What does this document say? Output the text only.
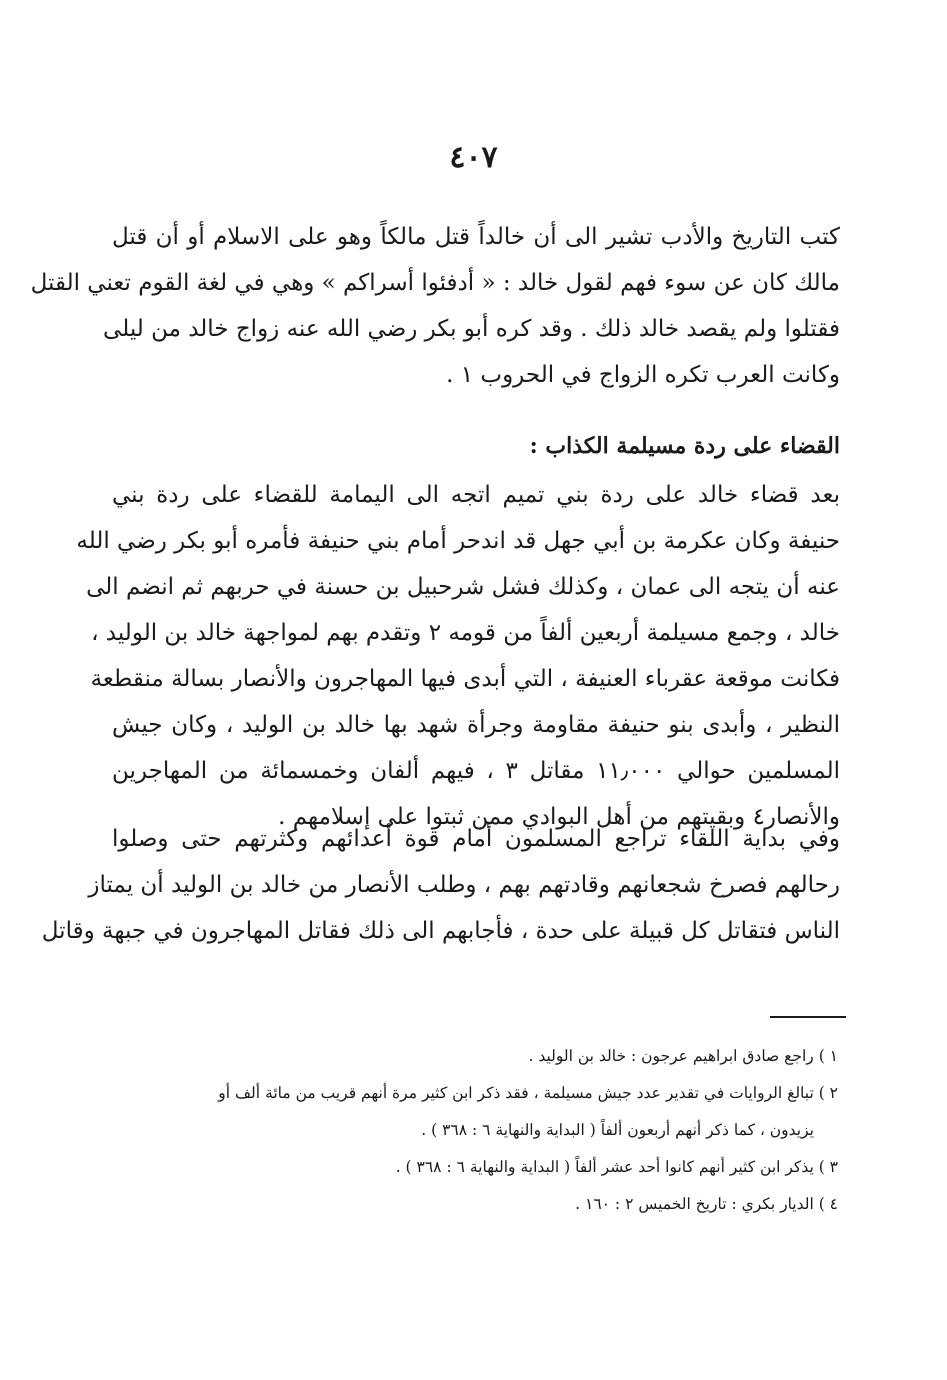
٤٠٧
كتب التاريخ والأدب تشير الى أن خالداً قتل مالكاً وهو على الاسلام أو أن قتل
مالك كان عن سوء فهم لقول خالد : « أدفئوا أسراكم » وهي في لغة القوم تعني القتل
فقتلوا ولم يقصد خالد ذلك . وقد كره أبو بكر رضي الله عنه زواج خالد من ليلى
وكانت العرب تكره الزواج في الحروب ١ .
القضاء على ردة مسيلمة الكذاب :
بعد قضاء خالد على ردة بني تميم اتجه الى اليمامة للقضاء على ردة بني
حنيفة وكان عكرمة بن أبي جهل قد اندحر أمام بني حنيفة فأمره أبو بكر رضي الله
عنه أن يتجه الى عمان ، وكذلك فشل شرحبيل بن حسنة في حربهم ثم انضم الى
خالد ، وجمع مسيلمة أربعين ألفاً من قومه ٢ وتقدم بهم لمواجهة خالد بن الوليد ،
فكانت موقعة عقرباء العنيفة ، التي أبدى فيها المهاجرون والأنصار بسالة منقطعة
النظير ، وأبدى بنو حنيفة مقاومة وجرأة شهد بها خالد بن الوليد ، وكان جيش
المسلمين حوالي ١١٫٠٠٠ مقاتل ٣ ، فيهم ألفان وخمسمائة من المهاجرين
والأنصار٤ وبقيتهم من أهل البوادي ممن ثبتوا على إسلامهم .
وفي بداية اللقاء تراجع المسلمون أمام قوة أعدائهم وكثرتهم حتى وصلوا
رحالهم فصرخ شجعانهم وقادتهم بهم ، وطلب الأنصار من خالد بن الوليد أن يمتاز
الناس فتقاتل كل قبيلة على حدة ، فأجابهم الى ذلك فقاتل المهاجرون في جبهة وقاتل
١ ) راجع صادق ابراهيم عرجون : خالد بن الوليد .
٢ ) تبالغ الروايات في تقدير عدد جيش مسيلمة ، فقد ذكر ابن كثير مرة أنهم قريب من مائة ألف أو
يزيدون ، كما ذكر أنهم أربعون ألفاً ( البداية والنهاية ٦ : ٣٦٨ ) .
٣ ) يذكر ابن كثير أنهم كانوا أحد عشر ألفاً ( البداية والنهاية ٦ : ٣٦٨ ) .
٤ ) الديار بكري : تاريخ الخميس ٢ : ١٦٠ .
